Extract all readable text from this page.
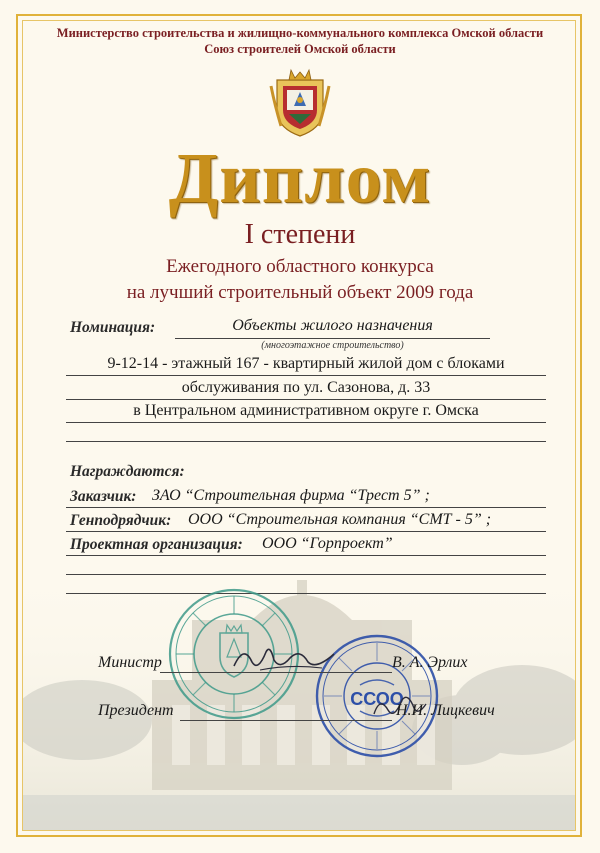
Министерство строительства и жилищно-коммунального комплекса Омской области
Союз строителей Омской области
Диплом
I степени
Ежегодного областного конкурса
на лучший строительный объект 2009 года
Номинация:	Объекты жилого назначения
(многоэтажное строительство)
9-12-14 - этажный 167 - квартирный жилой дом с блоками
обслуживания по ул. Сазонова, д. 33
в Центральном административном округе г. Омска
Награждаются:
Заказчик: ЗАО “Строительная фирма “Трест 5” ;
Генподрядчик: ООО “Строительная компания “СМТ - 5” ;
Проектная организация: ООО “Горпроект”
ССОО
Министр	В. А. Эрлих
Президент	Н.И. Лицкевич
